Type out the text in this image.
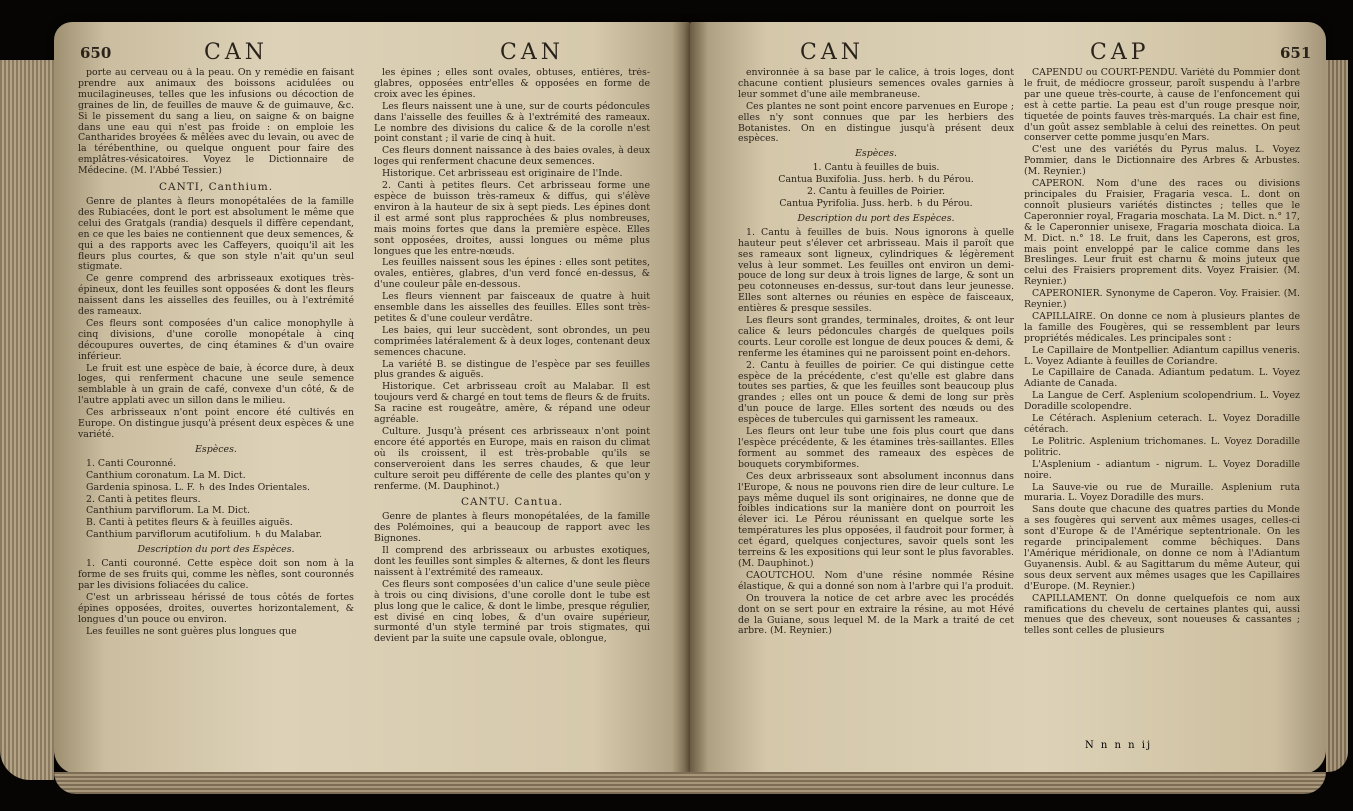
650	CAN	CAN

porte au cerveau ou à la peau. On y remédie en faisant prendre aux animaux des boissons acidulées ou mucilagineuses, telles que les infusions ou décoction de graines de lin, de feuilles de mauve & de guimauve, &c. Si le pissement du sang a lieu, on saigne & on baigne dans une eau qui n'est pas froide : on emploie les Cantharides broyées & mêlées avec du levain, ou avec de la térébenthine, ou quelque onguent pour faire des emplâtres-vésicatoires. Voyez le Dictionnaire de Médecine. (M. l'Abbé Tessier.)

CANTI, Canthium.

Genre de plantes à fleurs monopétalées de la famille des Rubiacées, dont le port est absolument le même que celui des Gratgals (randia) desquels il diffère cependant, en ce que les baies ne contiennent que deux semences, & qui a des rapports avec les Caffeyers, quoiqu'il ait les fleurs plus courtes, & que son style n'ait qu'un seul stigmate.

Ce genre comprend des arbrisseaux exotiques très-épineux, dont les feuilles sont opposées & dont les fleurs naissent dans les aisselles des feuilles, ou à l'extrémité des rameaux.

Ces fleurs sont composées d'un calice monophylle à cinq divisions, d'une corolle monopétale à cinq découpures ouvertes, de cinq étamines & d'un ovaire inférieur.

Le fruit est une espèce de baie, à écorce dure, à deux loges, qui renferment chacune une seule semence semblable à un grain de café, convexe d'un côté, & de l'autre applati avec un sillon dans le milieu.

Ces arbrisseaux n'ont point encore été cultivés en Europe. On distingue jusqu'à présent deux espèces & une variété.

Espèces.

1. Canti Couronné.

Canthium coronatum. La M. Dict.

Gardenia spinosa. L. F. ♄ des Indes Orientales.

2. Canti à petites fleurs.

Canthium parviflorum. La M. Dict.

B. Canti à petites fleurs & à feuilles aiguës.

Canthium parviflorum acutifolium. ♄ du Malabar.

Description du port des Espèces.

1. Canti couronné. Cette espèce doit son nom à la forme de ses fruits qui, comme les nèfles, sont couronnés par les divisions foliacées du calice.

C'est un arbrisseau hérissé de tous côtés de fortes épines opposées, droites, ouvertes horizontalement, & longues d'un pouce ou environ.

Les feuilles ne sont guères plus longues que

les épines ; elles sont ovales, obtuses, entières, très-glabres, opposées entr'elles & opposées en forme de croix avec les épines.

Les fleurs naissent une à une, sur de courts pédoncules dans l'aisselle des feuilles & à l'extrémité des rameaux. Le nombre des divisions du calice & de la corolle n'est point constant ; il varie de cinq à huit.

Ces fleurs donnent naissance à des baies ovales, à deux loges qui renferment chacune deux semences.

Historique. Cet arbrisseau est originaire de l'Inde.

2. Canti à petites fleurs. Cet arbrisseau forme une espèce de buisson très-rameux & diffus, qui s'élève environ à la hauteur de six à sept pieds. Les épines dont il est armé sont plus rapprochées & plus nombreuses, mais moins fortes que dans la première espèce. Elles sont opposées, droites, aussi longues ou même plus longues que les entre-nœuds.

Les feuilles naissent sous les épines : elles sont petites, ovales, entières, glabres, d'un verd foncé en-dessus, & d'une couleur pâle en-dessous.

Les fleurs viennent par faisceaux de quatre à huit ensemble dans les aisselles des feuilles. Elles sont très-petites & d'une couleur verdâtre.

Les baies, qui leur succèdent, sont obrondes, un peu comprimées latéralement & à deux loges, contenant deux semences chacune.

La variété B. se distingue de l'espèce par ses feuilles plus grandes & aiguës.

Historique. Cet arbrisseau croît au Malabar. Il est toujours verd & chargé en tout tems de fleurs & de fruits. Sa racine est rougeâtre, amère, & répand une odeur agréable.

Culture. Jusqu'à présent ces arbrisseaux n'ont point encore été apportés en Europe, mais en raison du climat où ils croissent, il est très-probable qu'ils se conserveroient dans les serres chaudes, & que leur culture seroit peu différente de celle des plantes qu'on y renferme. (M. Dauphinot.)

CANTU. Cantua.

Genre de plantes à fleurs monopétalées, de la famille des Polémoines, qui a beaucoup de rapport avec les Bignones.

Il comprend des arbrisseaux ou arbustes exotiques, dont les feuilles sont simples & alternes, & dont les fleurs naissent à l'extrémité des rameaux.

Ces fleurs sont composées d'un calice d'une seule pièce à trois ou cinq divisions, d'une corolle dont le tube est plus long que le calice, & dont le limbe, presque régulier, est divisé en cinq lobes, & d'un ovaire supérieur, surmonté d'un style terminé par trois stigmates, qui devient par la suite une capsule ovale, oblongue,

CAN	CAP	651

environnée à sa base par le calice, à trois loges, dont chacune contient plusieurs semences ovales garnies à leur sommet d'une aile membraneuse.

Ces plantes ne sont point encore parvenues en Europe ; elles n'y sont connues que par les herbiers des Botanistes. On en distingue jusqu'à présent deux espèces.

Espèces.

1. Cantu à feuilles de buis.

Cantua Buxifolia. Juss. herb. ♄ du Pérou.

2. Cantu à feuilles de Poirier.

Cantua Pyrifolia. Juss. herb. ♄ du Pérou.

Description du port des Espèces.

1. Cantu à feuilles de buis. Nous ignorons à quelle hauteur peut s'élever cet arbrisseau. Mais il paroît que ses rameaux sont ligneux, cylindriques & légèrement velus à leur sommet. Les feuilles ont environ un demi-pouce de long sur deux à trois lignes de large, & sont un peu cotonneuses en-dessus, sur-tout dans leur jeunesse. Elles sont alternes ou réunies en espèce de faisceaux, entières & presque sessiles.

Les fleurs sont grandes, terminales, droites, & ont leur calice & leurs pédoncules chargés de quelques poils courts. Leur corolle est longue de deux pouces & demi, & renferme les étamines qui ne paroissent point en-dehors.

2. Cantu à feuilles de poirier. Ce qui distingue cette espèce de la précédente, c'est qu'elle est glabre dans toutes ses parties, & que les feuilles sont beaucoup plus grandes ; elles ont un pouce & demi de long sur près d'un pouce de large. Elles sortent des nœuds ou des espèces de tubercules qui garnissent les rameaux.

Les fleurs ont leur tube une fois plus court que dans l'espèce précédente, & les étamines très-saillantes. Elles forment au sommet des rameaux des espèces de bouquets corymbiformes.

Ces deux arbrisseaux sont absolument inconnus dans l'Europe, & nous ne pouvons rien dire de leur culture. Le pays même duquel ils sont originaires, ne donne que de foibles indications sur la manière dont on pourroit les élever ici. Le Pérou réunissant en quelque sorte les températures les plus opposées, il faudroit pour former, à cet égard, quelques conjectures, savoir quels sont les terreins & les expositions qui leur sont le plus favorables. (M. Dauphinot.)

CAOUTCHOU. Nom d'une résine nommée Résine élastique, & qui a donné son nom à l'arbre qui l'a produit.

On trouvera la notice de cet arbre avec les procédés dont on se sert pour en extraire la résine, au mot Hévé de la Guiane, sous lequel M. de la Mark a traité de cet arbre. (M. Reynier.)

CAPENDU ou COURT-PENDU. Variété du Pommier dont le fruit, de médiocre grosseur, paroît suspendu à l'arbre par une queue très-courte, à cause de l'enfoncement qui est à cette partie. La peau est d'un rouge presque noir, tiquetée de points fauves très-marqués. La chair est fine, d'un goût assez semblable à celui des reinettes. On peut conserver cette pomme jusqu'en Mars.

C'est une des variétés du Pyrus malus. L. Voyez Pommier, dans le Dictionnaire des Arbres & Arbustes. (M. Reynier.)

CAPERON. Nom d'une des races ou divisions principales du Fraisier, Fragaria vesca. L. dont on connoît plusieurs variétés distinctes ; telles que le Caperonnier royal, Fragaria moschata. La M. Dict. n.° 17, & le Caperonnier unisexe, Fragaria moschata dioica. La M. Dict. n.° 18. Le fruit, dans les Caperons, est gros, mais point enveloppé par le calice comme dans les Breslinges. Leur fruit est charnu & moins juteux que celui des Fraisiers proprement dits. Voyez Fraisier. (M. Reynier.)

CAPERONIER. Synonyme de Caperon. Voy. Fraisier. (M. Reynier.)

CAPILLAIRE. On donne ce nom à plusieurs plantes de la famille des Fougères, qui se ressemblent par leurs propriétés médicales. Les principales sont :

Le Capillaire de Montpellier. Adiantum capillus veneris. L. Voyez Adiante à feuilles de Coriandre.

Le Capillaire de Canada. Adiantum pedatum. L. Voyez Adiante de Canada.

La Langue de Cerf. Asplenium scolopendrium. L. Voyez Doradille scolopendre.

Le Cétérach. Asplenium ceterach. L. Voyez Doradille cétérach.

Le Politric. Asplenium trichomanes. L. Voyez Doradille politric.

L'Asplenium - adiantum - nigrum. L. Voyez Doradille noire.

La Sauve-vie ou rue de Muraille. Asplenium ruta muraria. L. Voyez Doradille des murs.

Sans doute que chacune des quatres parties du Monde a ses fougères qui servent aux mêmes usages, celles-ci sont d'Europe & de l'Amérique septentrionale. On les regarde principalement comme bêchiques. Dans l'Amérique méridionale, on donne ce nom à l'Adiantum Guyanensis. Aubl. & au Sagittarum du même Auteur, qui sous deux servent aux mêmes usages que les Capillaires d'Europe. (M. Reynier.)

CAPILLAMENT. On donne quelquefois ce nom aux ramifications du chevelu de certaines plantes qui, aussi menues que des cheveux, sont noueuses & cassantes ; telles sont celles de plusieurs

N n n n ij
